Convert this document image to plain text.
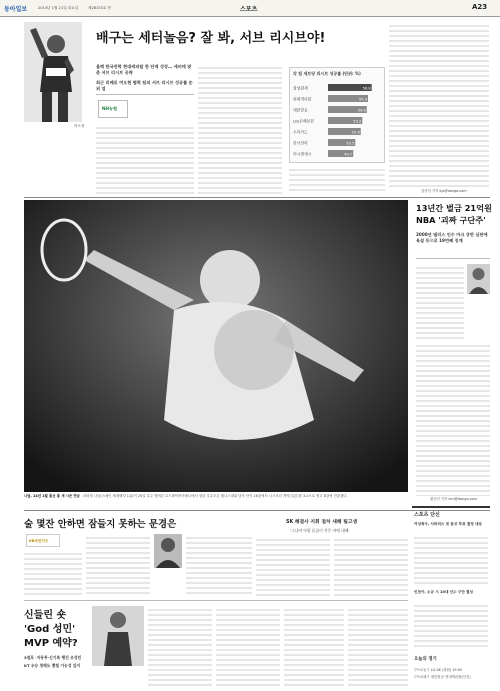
동아일보	2014년 1월 21일 화요일	제28153호 ㉮	스포츠	A23
배구는 세터놀음? 잘 봐, 서브 리시브야!
올해 한국전력 현대캐피탈 한 단계 성장… 세터에 맞춘 서브 리시브 공략
최근 리베로 여오현 협력 팀의 서브 리시브 성공률 순위 업
NH농협
여오현
각 팀 세트당 리시브 성공률 (단위: %)
삼성화재	56.8
현대캐피탈	55.4
대한항공	54.9
LIG손해보험	53.2
우리카드	52.6
한국전력	50.5
러시앤캐시	49.7
김종석 기자 kjs@donga.com
13년간 벌금 21억원
NBA '괴짜 구단주'
2000년 댈러스 인수 마크 큐반 심판에 욕설 등으로 19번째 징계
황규인 기자 kini@donga.com
나달, 14년 1월 통산 통 새 시즌 연승 라파엘 나달(스페인 세계랭킹 1위)이 20일 호주 멜버른 로드레이버아레나에서 열린 호주오픈 테니스대회 남자 단식 16강에서 니시코리 게이(일본)를 3-0으로 꺾고 8강에 진출했다.
술 몇잔 안하면 잠들지 못하는 문경은
KB국민카드
SK 해결사 지휘 점차 새해 팀고생
'그냐야 아랍 몸꼴이 작은 바에 대해'
신들린 숏
'God 성민'
MVP 예약?
3점포 ·자동투·신기록 행진 조성민
KT 우승 첫해도 뽕힘 가능성 있어
스포츠 단신
여성축구, 사바리스 첫 동코 투표 결정 대상
인천아, 소규 시 10대 선수 구단 결성
오늘의 경기
▽프로농구 LG-SK (창원) 19:00
▽프로배구 대한항공-현대캐피탈(인천)
